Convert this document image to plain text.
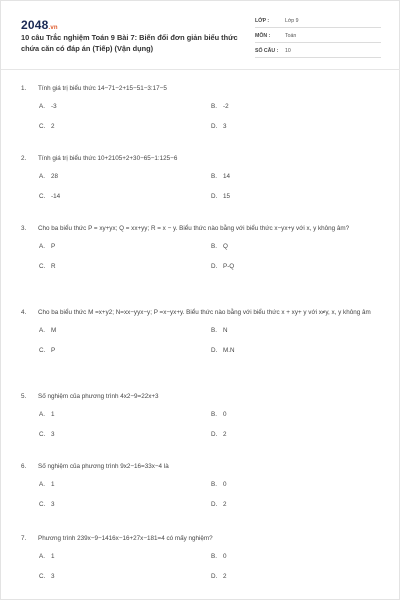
2048.vn
10 câu Trắc nghiệm Toán 9 Bài 7: Biến đổi đơn giản biểu thức chứa căn có đáp án (Tiếp) (Vận dụng)
LỚP :	Lớp 9
MÔN :	Toán
SỐ CÂU : 10
1. Tính giá trị biểu thức 14−71−2+15−51−3:17−5
A. -3	B. -2
C. 2	D. 3
2. Tính giá trị biểu thức 10+2105+2+30−65−1:125−6
A. 28	B. 14
C. -14	D. 15
3. Cho ba biểu thức P = xy+yx; Q = xx+yy; R = x − y. Biểu thức nào bằng với biểu thức x−yx+y với x, y không âm?
A. P	B. Q
C. R	D. P-Q
4. Cho ba biểu thức M =x+y2; N=xx−yyx−y; P =x−yx+y. Biểu thức nào bằng với biểu thức x + xy+ y với x≠y, x, y không âm
A. M	B. N
C. P	D. M.N
5. Số nghiệm của phương trình 4x2−9=22x+3
A. 1	B. 0
C. 3	D. 2
6. Số nghiệm của phương trình 9x2−16=33x−4 là
A. 1	B. 0
C. 3	D. 2
7. Phương trình 239x−9−1416x−16+27x−181=4 có mấy nghiệm?
A. 1	B. 0
C. 3	D. 2
